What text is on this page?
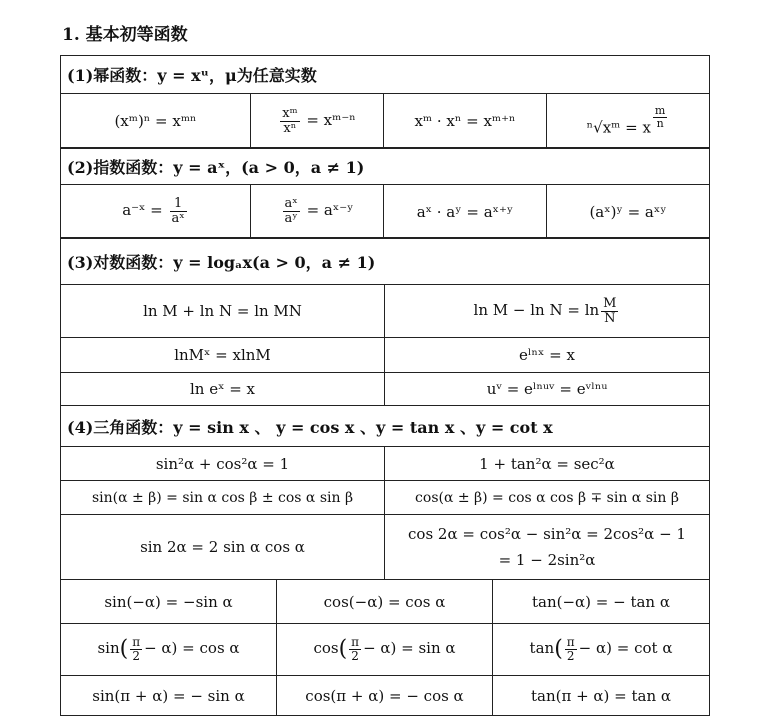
1. 基本初等函数
(1)幂函数：y = xᵘ，μ为任意实数
(xᵐ)ⁿ = xᵐⁿ	$\frac{\text{xᵐ}}{\text{xⁿ}}$ = xᵐ⁻ⁿ	xᵐ · xⁿ = xᵐ⁺ⁿ	ⁿ√xᵐ = x $\frac{m}{n}$
(2)指数函数：y = aˣ，(a > 0，a ≠ 1)
a⁻ˣ = $\frac{1}{\text{aˣ}}$	$\frac{\text{aˣ}}{\text{aʸ}}$ = aˣ⁻ʸ	aˣ · aʸ = aˣ⁺ʸ	(aˣ)ʸ = aˣʸ
(3)对数函数：y = logₐx(a > 0，a ≠ 1)	
ln M + ln N = ln MN	$\ln M - \ln N = \ln \frac{M}{N}$

lnMˣ = xlnM	eˡⁿˣ = x
ln eˣ = x	uᵛ = eˡⁿᵘᵛ = eᵛˡⁿᵘ
(4)三角函数：y = sin x 、 y = cos x 、y = tan x 、y = cot x	
sin²α + cos²α = 1	1 + tan²α = sec²α
sin(α ± β) = sin α cos β ± cos α sin β	cos(α ± β) = cos α cos β ∓ sin α sin β
sin 2α = 2 sin α cos α	cos 2α = cos²α − sin²α = 2cos²α − 1
= 1 − 2sin²α
sin(−α) = −sin α	cos(−α) = cos α	tan(−α) = − tan α
$\sin( \frac{\pi}{2} - \alpha) = \cos \alpha$	$\cos( \frac{\pi}{2} - \alpha) = \sin \alpha$	$\tan( \frac{\pi}{2} - \alpha) = \cot \alpha$
sin(π + α) = − sin α	cos(π + α) = − cos α	tan(π + α) = tan α
